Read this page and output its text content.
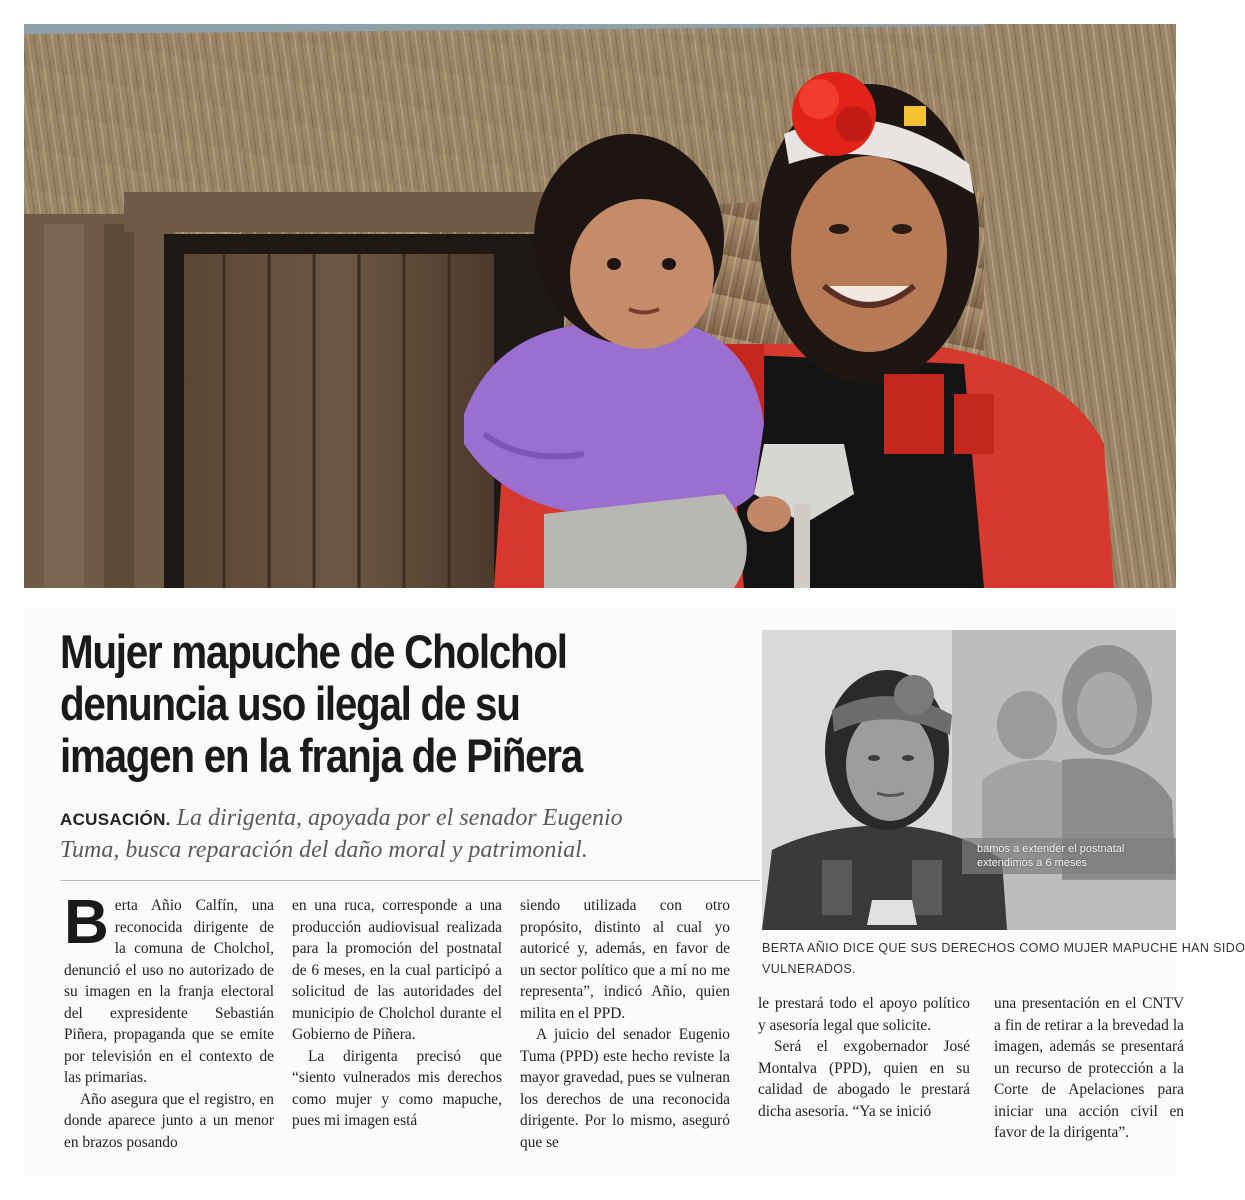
Mujer mapuche de Cholchol
denuncia uso ilegal de su
imagen en la franja de Piñera
ACUSACIÓN. La dirigenta, apoyada por el senador Eugenio
Tuma, busca reparación del daño moral y patrimonial.

Berta Añio Calfín, una reconocida dirigente de la comuna de Cholchol, denunció el uso no autorizado de su imagen en la franja electoral del expresidente Sebastián Piñera, propaganda que se emite por televisión en el contexto de las primarias.

Año asegura que el registro, en donde aparece junto a un menor en brazos posando

en una ruca, corresponde a una producción audiovisual realizada para la promoción del postnatal de 6 meses, en la cual participó a solicitud de las autoridades del municipio de Cholchol durante el Gobierno de Piñera.

La dirigenta precisó que “siento vulnerados mis derechos como mujer y como mapuche, pues mi imagen está

siendo utilizada con otro propósito, distinto al cual yo autoricé y, además, en favor de un sector político que a mí no me representa”, indicó Añio, quien milita en el PPD.

A juicio del senador Eugenio Tuma (PPD) este hecho reviste la mayor gravedad, pues se vulneran los derechos de una reconocida dirigente. Por lo mismo, aseguró que se

bamos a extender el postnatal
extendimos a 6 meses
BERTA AÑIO DICE QUE SUS DERECHOS COMO MUJER MAPUCHE HAN SIDO
VULNERADOS.

le prestará todo el apoyo político y asesoría legal que solicite.

Será el exgobernador José Montalva (PPD), quien en su calidad de abogado le prestará dicha asesoría. “Ya se inició

una presentación en el CNTV a fin de retirar a la brevedad la imagen, además se presentará un recurso de protección a la Corte de Apelaciones para iniciar una acción civil en favor de la dirigenta”.
